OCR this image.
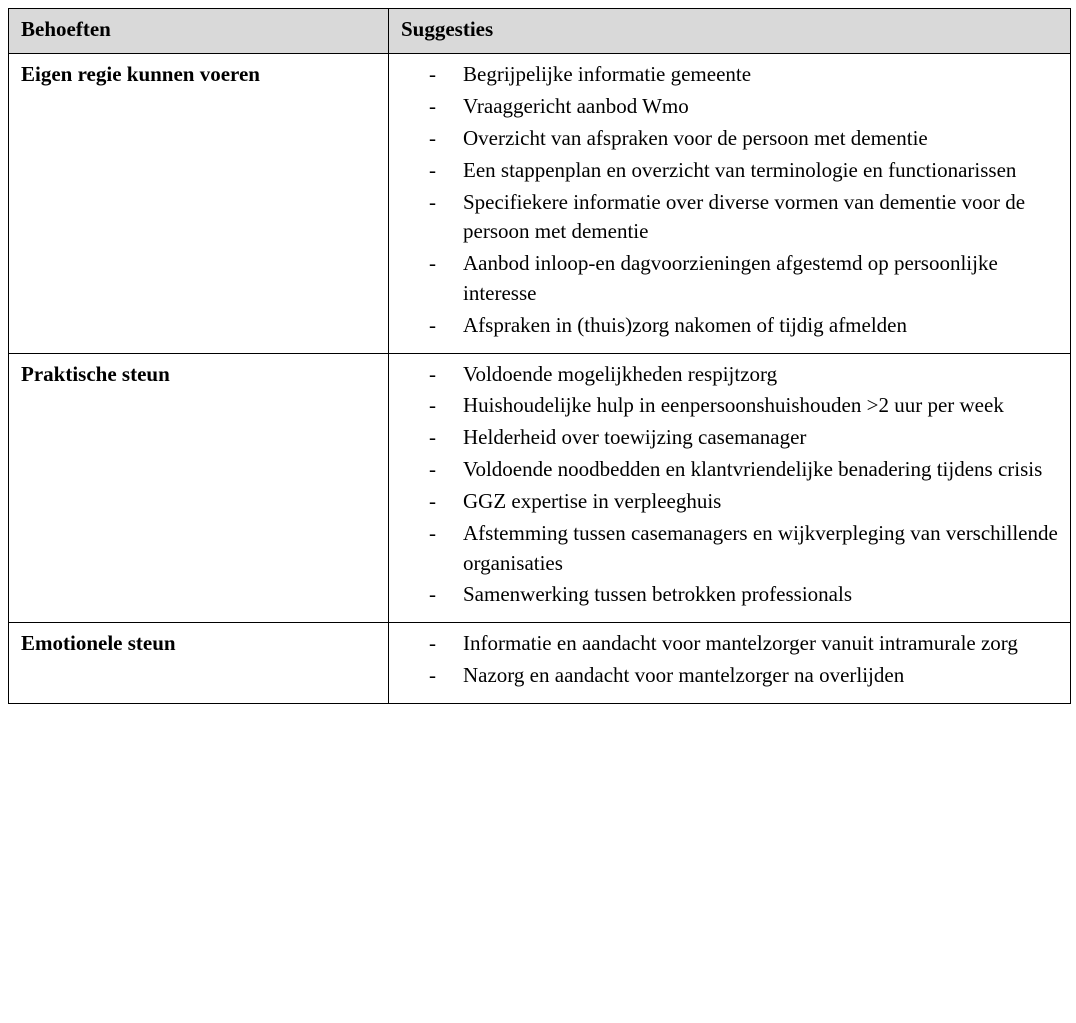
Behoeften	Suggesties
Eigen regie kunnen voeren	- Begrijpelijke informatie gemeente
- Vraaggericht aanbod Wmo
- Overzicht van afspraken voor de persoon met dementie
- Een stappenplan en overzicht van terminologie en functionarissen
- Specifiekere informatie over diverse vormen van dementie voor de persoon met dementie
- Aanbod inloop-en dagvoorzieningen afgestemd op persoonlijke interesse
- Afspraken in (thuis)zorg nakomen of tijdig afmelden

Praktische steun	- Voldoende mogelijkheden respijtzorg
- Huishoudelijke hulp in eenpersoonshuishouden >2 uur per week
- Helderheid over toewijzing casemanager
- Voldoende noodbedden en klantvriendelijke benadering tijdens crisis
- GGZ expertise in verpleeghuis
- Afstemming tussen casemanagers en wijkverpleging van verschillende organisaties
- Samenwerking tussen betrokken professionals

Emotionele steun	- Informatie en aandacht voor mantelzorger vanuit intramurale zorg
- Nazorg en aandacht voor mantelzorger na overlijden
